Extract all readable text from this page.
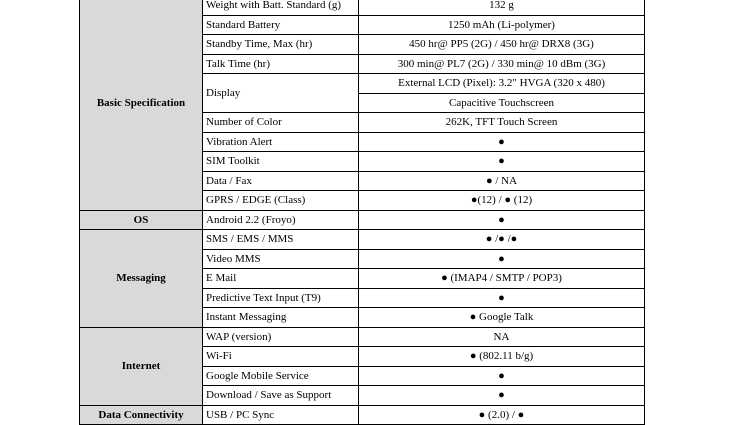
Basic Specification	Weight with Batt. Standard (g)	132 g
	Standard Battery	1250 mAh (Li-polymer)
	Standby Time, Max (hr)	450 hr@ PP5 (2G) / 450 hr@ DRX8 (3G)
	Talk Time (hr)	300 min@ PL7 (2G) / 330 min@ 10 dBm (3G)
	Display	External LCD (Pixel): 3.2" HVGA (320 x 480)
		Capacitive Touchscreen
	Number of Color	262K, TFT Touch Screen
	Vibration Alert	●
	SIM Toolkit	●
	Data / Fax	● / NA
	GPRS / EDGE (Class)	●(12) / ● (12)
OS	Android 2.2 (Froyo)	●
Messaging	SMS / EMS / MMS	● /● /●
	Video MMS	●
	E Mail	● (IMAP4 / SMTP / POP3)
	Predictive Text Input (T9)	●
	Instant Messaging	● Google Talk
Internet	WAP (version)	NA
	Wi-Fi	● (802.11 b/g)
	Google Mobile Service	●
	Download / Save as Support	●
Data Connectivity	USB / PC Sync	● (2.0) / ●
